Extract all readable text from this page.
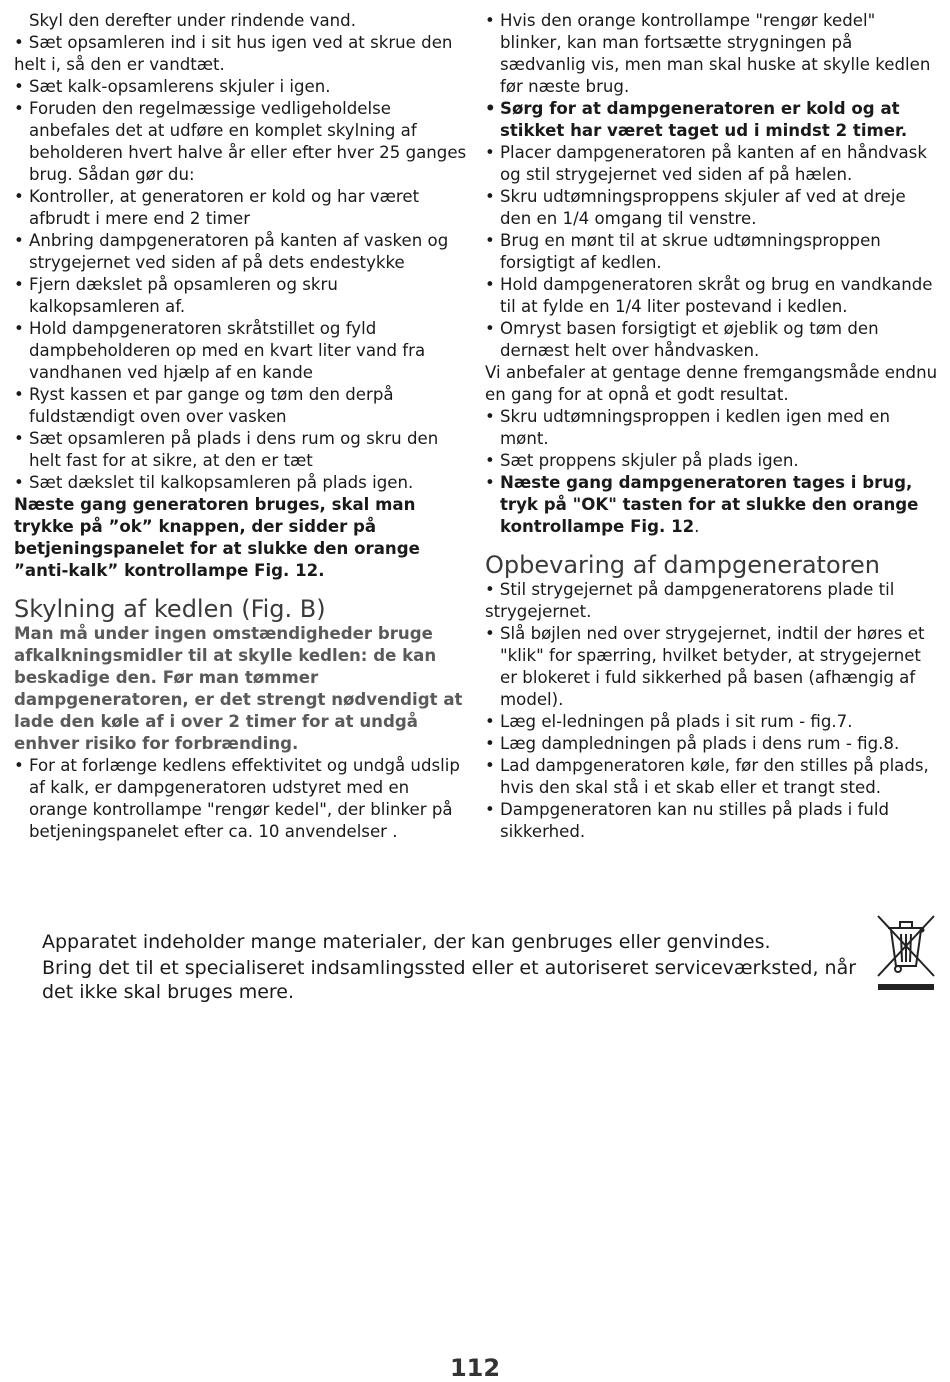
Skyl den derefter under rindende vand.

• Sæt opsamleren ind i sit hus igen ved at skrue den helt i, så den er vandtæt.
• Sæt kalk-opsamlerens skjuler i igen.
• Foruden den regelmæssige vedligeholdelse anbefales det at udføre en komplet skylning af beholderen hvert halve år eller efter hver 25 ganges brug. Sådan gør du:
• Kontroller, at generatoren er kold og har været afbrudt i mere end 2 timer
• Anbring dampgeneratoren på kanten af vasken og strygejernet ved siden af på dets endestykke
• Fjern dækslet på opsamleren og skru kalkopsamleren af.
• Hold dampgeneratoren skråtstillet og fyld dampbeholderen op med en kvart liter vand fra vandhanen ved hjælp af en kande
• Ryst kassen et par gange og tøm den derpå fuldstændigt oven over vasken
• Sæt opsamleren på plads i dens rum og skru den helt fast for at sikre, at den er tæt
• Sæt dækslet til kalkopsamleren på plads igen.

Næste gang generatoren bruges, skal man trykke på ”ok” knappen, der sidder på betjeningspanelet for at slukke den orange ”anti-kalk” kontrollampe Fig. 12.

Skylning af kedlen (Fig. B)

Man må under ingen omstændigheder bruge afkalkningsmidler til at skylle kedlen: de kan beskadige den. Før man tømmer dampgeneratoren, er det strengt nødvendigt at lade den køle af i over 2 timer for at undgå enhver risiko for forbrænding.

• For at forlænge kedlens effektivitet og undgå udslip af kalk, er dampgeneratoren udstyret med en orange kontrollampe "rengør kedel", der blinker på betjeningspanelet efter ca. 10 anvendelser .
• Hvis den orange kontrollampe "rengør kedel" blinker, kan man fortsætte strygningen på sædvanlig vis, men man skal huske at skylle kedlen før næste brug.
• Sørg for at dampgeneratoren er kold og at stikket har været taget ud i mindst 2 timer.
• Placer dampgeneratoren på kanten af en håndvask og stil strygejernet ved siden af på hælen.
• Skru udtømningsproppens skjuler af ved at dreje den en 1/4 omgang til venstre.
• Brug en mønt til at skrue udtømningsproppen forsigtigt af kedlen.
• Hold dampgeneratoren skråt og brug en vandkande til at fylde en 1/4 liter postevand i kedlen.
• Omryst basen forsigtigt et øjeblik og tøm den dernæst helt over håndvasken.

Vi anbefaler at gentage denne fremgangsmåde endnu en gang for at opnå et godt resultat.

• Skru udtømningsproppen i kedlen igen med en mønt.
• Sæt proppens skjuler på plads igen.
• Næste gang dampgeneratoren tages i brug, tryk på "OK" tasten for at slukke den orange kontrollampe Fig. 12.
Opbevaring af dampgeneratoren
• Stil strygejernet på dampgeneratorens plade til strygejernet.
• Slå bøjlen ned over strygejernet, indtil der høres et "klik" for spærring, hvilket betyder, at strygejernet er blokeret i fuld sikkerhed på basen (afhængig af model).
• Læg el-ledningen på plads i sit rum - fig.7.
• Læg dampledningen på plads i dens rum - fig.8.
• Lad dampgeneratoren køle, før den stilles på plads, hvis den skal stå i et skab eller et trangt sted.
• Dampgeneratoren kan nu stilles på plads i fuld sikkerhed.

Apparatet indeholder mange materialer, der kan genbruges eller genvindes.

Bring det til et specialiseret indsamlingssted eller et autoriseret serviceværksted, når det ikke skal bruges mere.

112
